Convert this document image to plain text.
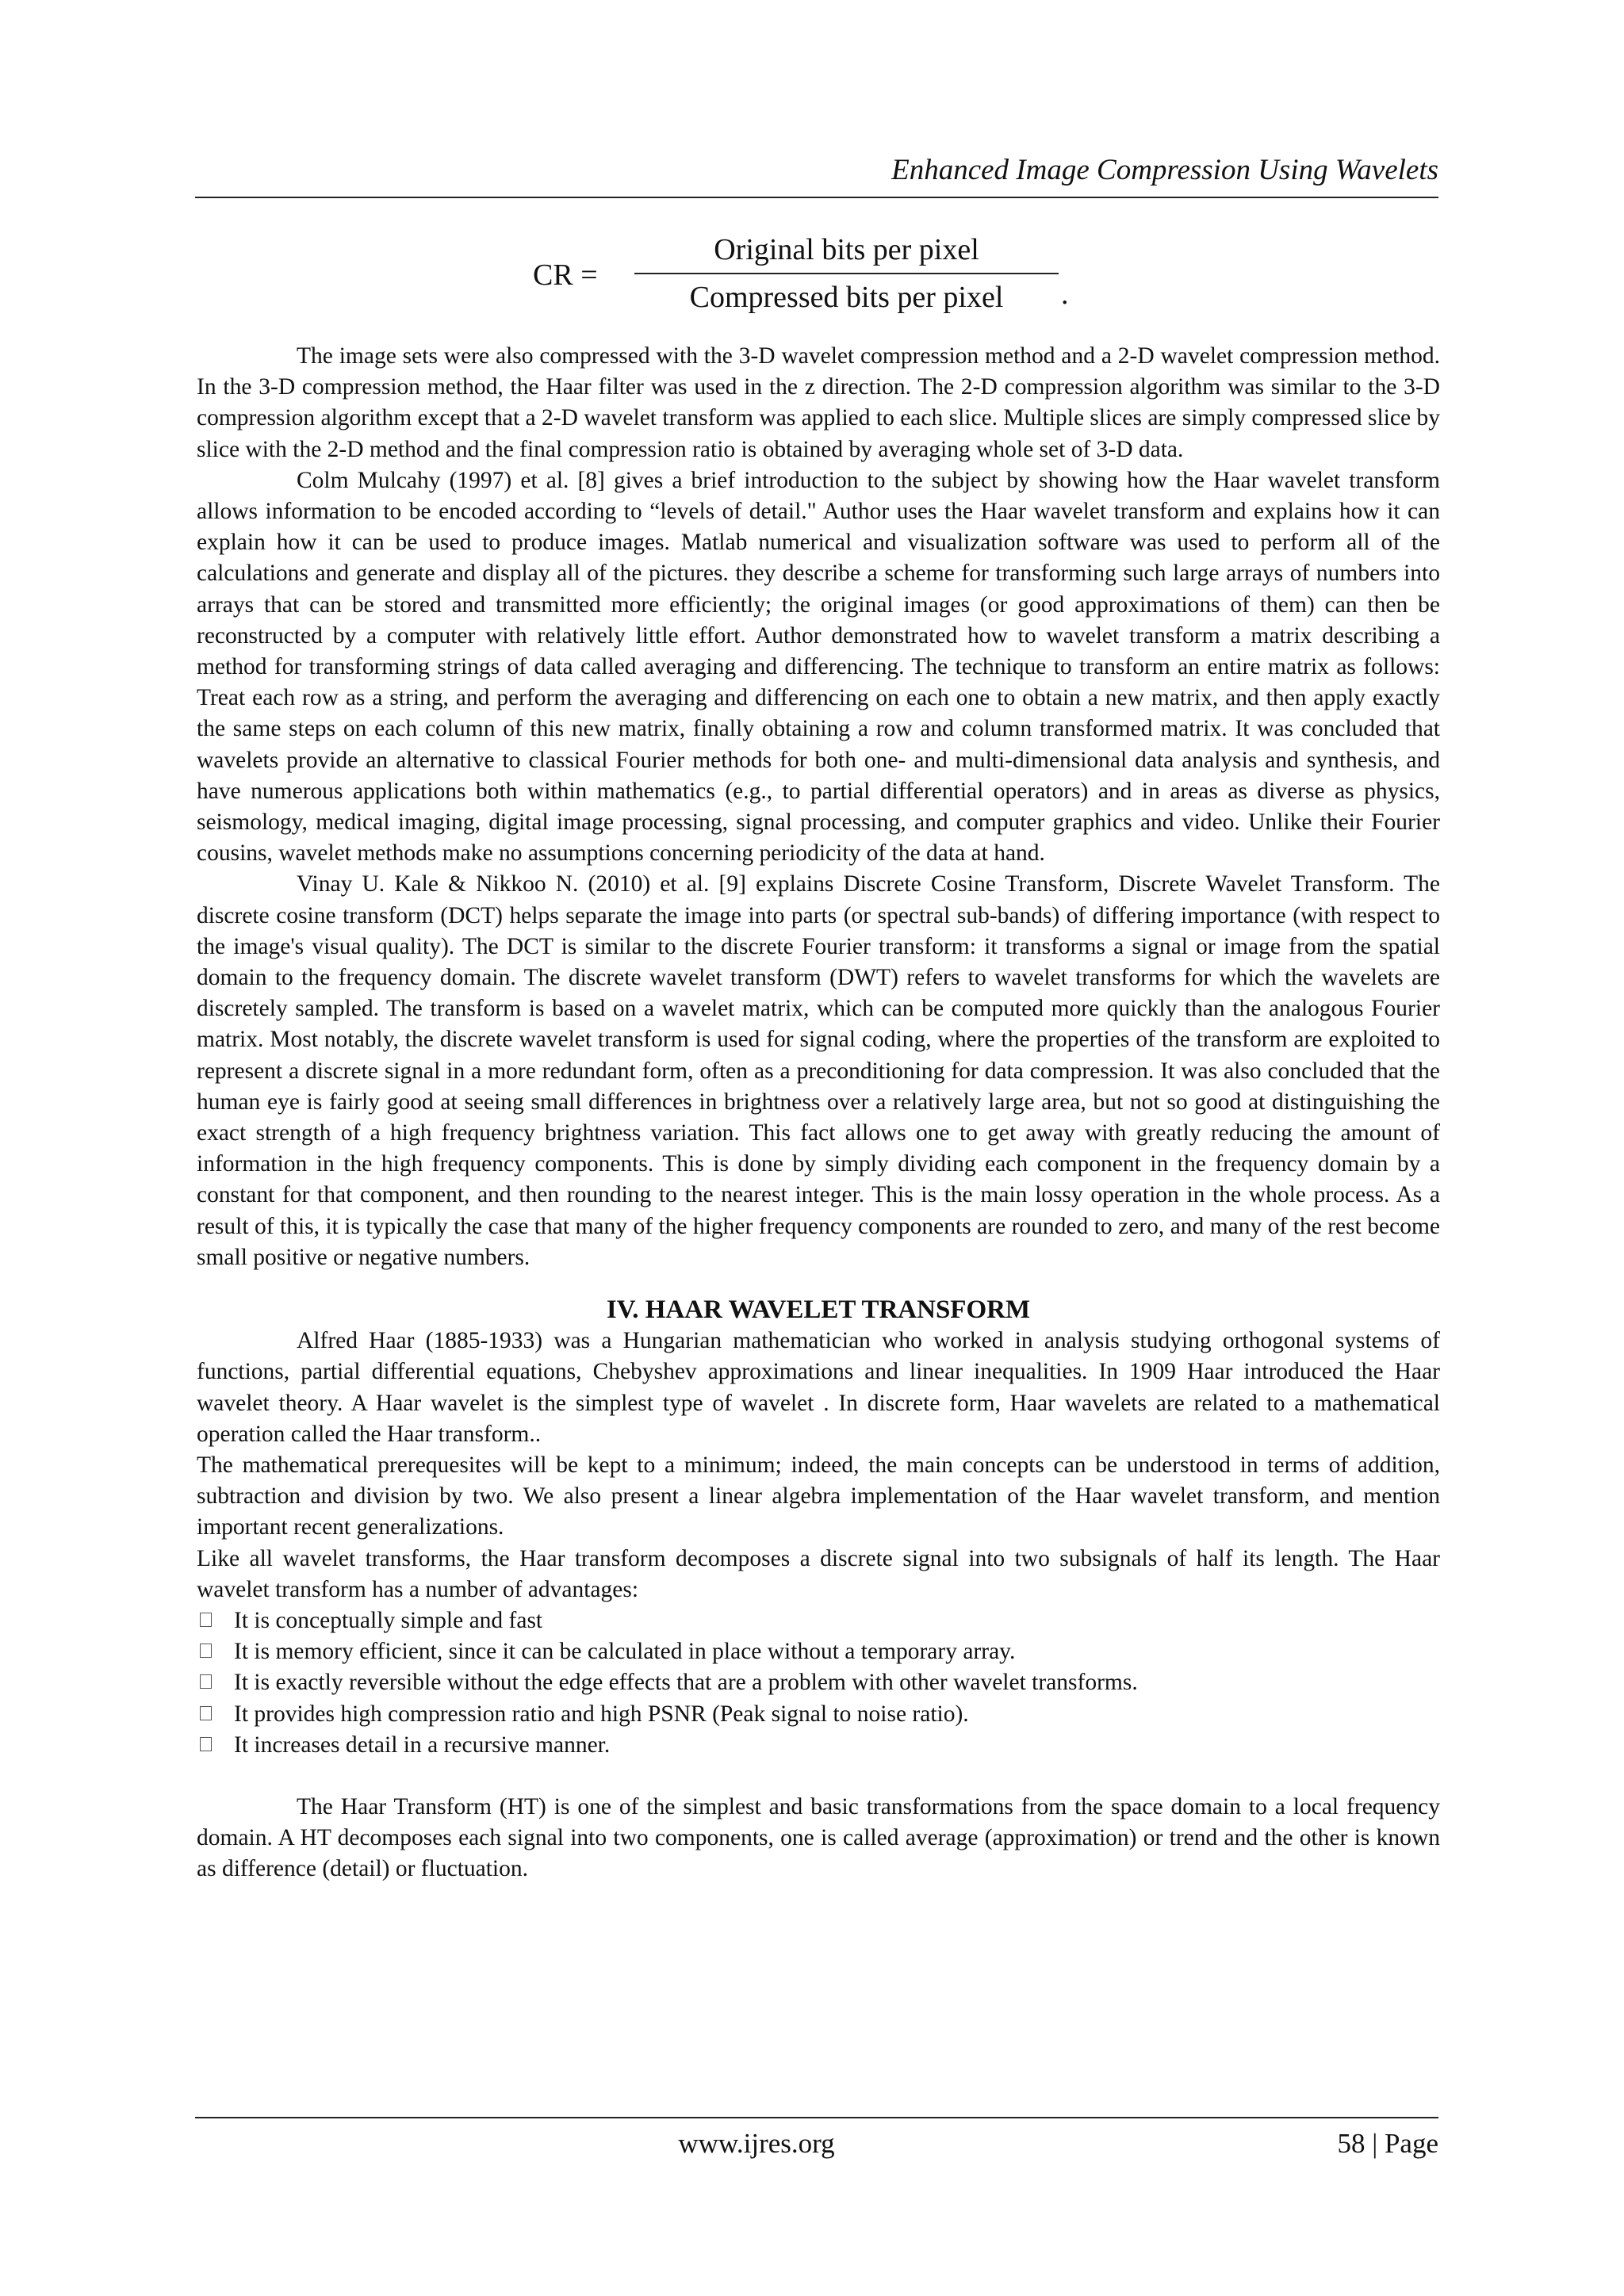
Enhanced Image Compression Using Wavelets
CR =
Original bits per pixel
Compressed bits per pixel	.

The image sets were also compressed with the 3-D wavelet compression method and a 2-D wavelet compression method. In the 3-D compression method, the Haar filter was used in the z direction. The 2-D compression algorithm was similar to the 3-D compression algorithm except that a 2-D wavelet transform was applied to each slice. Multiple slices are simply compressed slice by slice with the 2-D method and the final compression ratio is obtained by averaging whole set of 3-D data.

Colm Mulcahy (1997) et al. [8] gives a brief introduction to the subject by showing how the Haar wavelet transform allows information to be encoded according to “levels of detail." Author uses the Haar wavelet transform and explains how it can explain how it can be used to produce images. Matlab numerical and visualization software was used to perform all of the calculations and generate and display all of the pictures. they describe a scheme for transforming such large arrays of numbers into arrays that can be stored and transmitted more efficiently; the original images (or good approximations of them) can then be reconstructed by a computer with relatively little effort. Author demonstrated how to wavelet transform a matrix describing a method for transforming strings of data called averaging and differencing. The technique to transform an entire matrix as follows: Treat each row as a string, and perform the averaging and differencing on each one to obtain a new matrix, and then apply exactly the same steps on each column of this new matrix, finally obtaining a row and column transformed matrix. It was concluded that wavelets provide an alternative to classical Fourier methods for both one- and multi-dimensional data analysis and synthesis, and have numerous applications both within mathematics (e.g., to partial differential operators) and in areas as diverse as physics, seismology, medical imaging, digital image processing, signal processing, and computer graphics and video. Unlike their Fourier cousins, wavelet methods make no assumptions concerning periodicity of the data at hand.

Vinay U. Kale & Nikkoo N. (2010) et al. [9] explains Discrete Cosine Transform, Discrete Wavelet Transform. The discrete cosine transform (DCT) helps separate the image into parts (or spectral sub-bands) of differing importance (with respect to the image's visual quality). The DCT is similar to the discrete Fourier transform: it transforms a signal or image from the spatial domain to the frequency domain. The discrete wavelet transform (DWT) refers to wavelet transforms for which the wavelets are discretely sampled. The transform is based on a wavelet matrix, which can be computed more quickly than the analogous Fourier matrix. Most notably, the discrete wavelet transform is used for signal coding, where the properties of the transform are exploited to represent a discrete signal in a more redundant form, often as a preconditioning for data compression. It was also concluded that the human eye is fairly good at seeing small differences in brightness over a relatively large area, but not so good at distinguishing the exact strength of a high frequency brightness variation. This fact allows one to get away with greatly reducing the amount of information in the high frequency components. This is done by simply dividing each component in the frequency domain by a constant for that component, and then rounding to the nearest integer. This is the main lossy operation in the whole process. As a result of this, it is typically the case that many of the higher frequency components are rounded to zero, and many of the rest become small positive or negative numbers.

IV. HAAR WAVELET TRANSFORM

Alfred Haar (1885-1933) was a Hungarian mathematician who worked in analysis studying orthogonal systems of functions, partial differential equations, Chebyshev approximations and linear inequalities. In 1909 Haar introduced the Haar wavelet theory. A Haar wavelet is the simplest type of wavelet . In discrete form, Haar wavelets are related to a mathematical operation called the Haar transform..

The mathematical prerequesites will be kept to a minimum; indeed, the main concepts can be understood in terms of addition, subtraction and division by two. We also present a linear algebra implementation of the Haar wavelet transform, and mention important recent generalizations.

Like all wavelet transforms, the Haar transform decomposes a discrete signal into two subsignals of half its length. The Haar wavelet transform has a number of advantages:

It is conceptually simple and fast
It is memory efficient, since it can be calculated in place without a temporary array.
It is exactly reversible without the edge effects that are a problem with other wavelet transforms.
It provides high compression ratio and high PSNR (Peak signal to noise ratio).
It increases detail in a recursive manner.

The Haar Transform (HT) is one of the simplest and basic transformations from the space domain to a local frequency domain. A HT decomposes each signal into two components, one is called average (approximation) or trend and the other is known as difference (detail) or fluctuation.

www.ijres.org	58 | Page
